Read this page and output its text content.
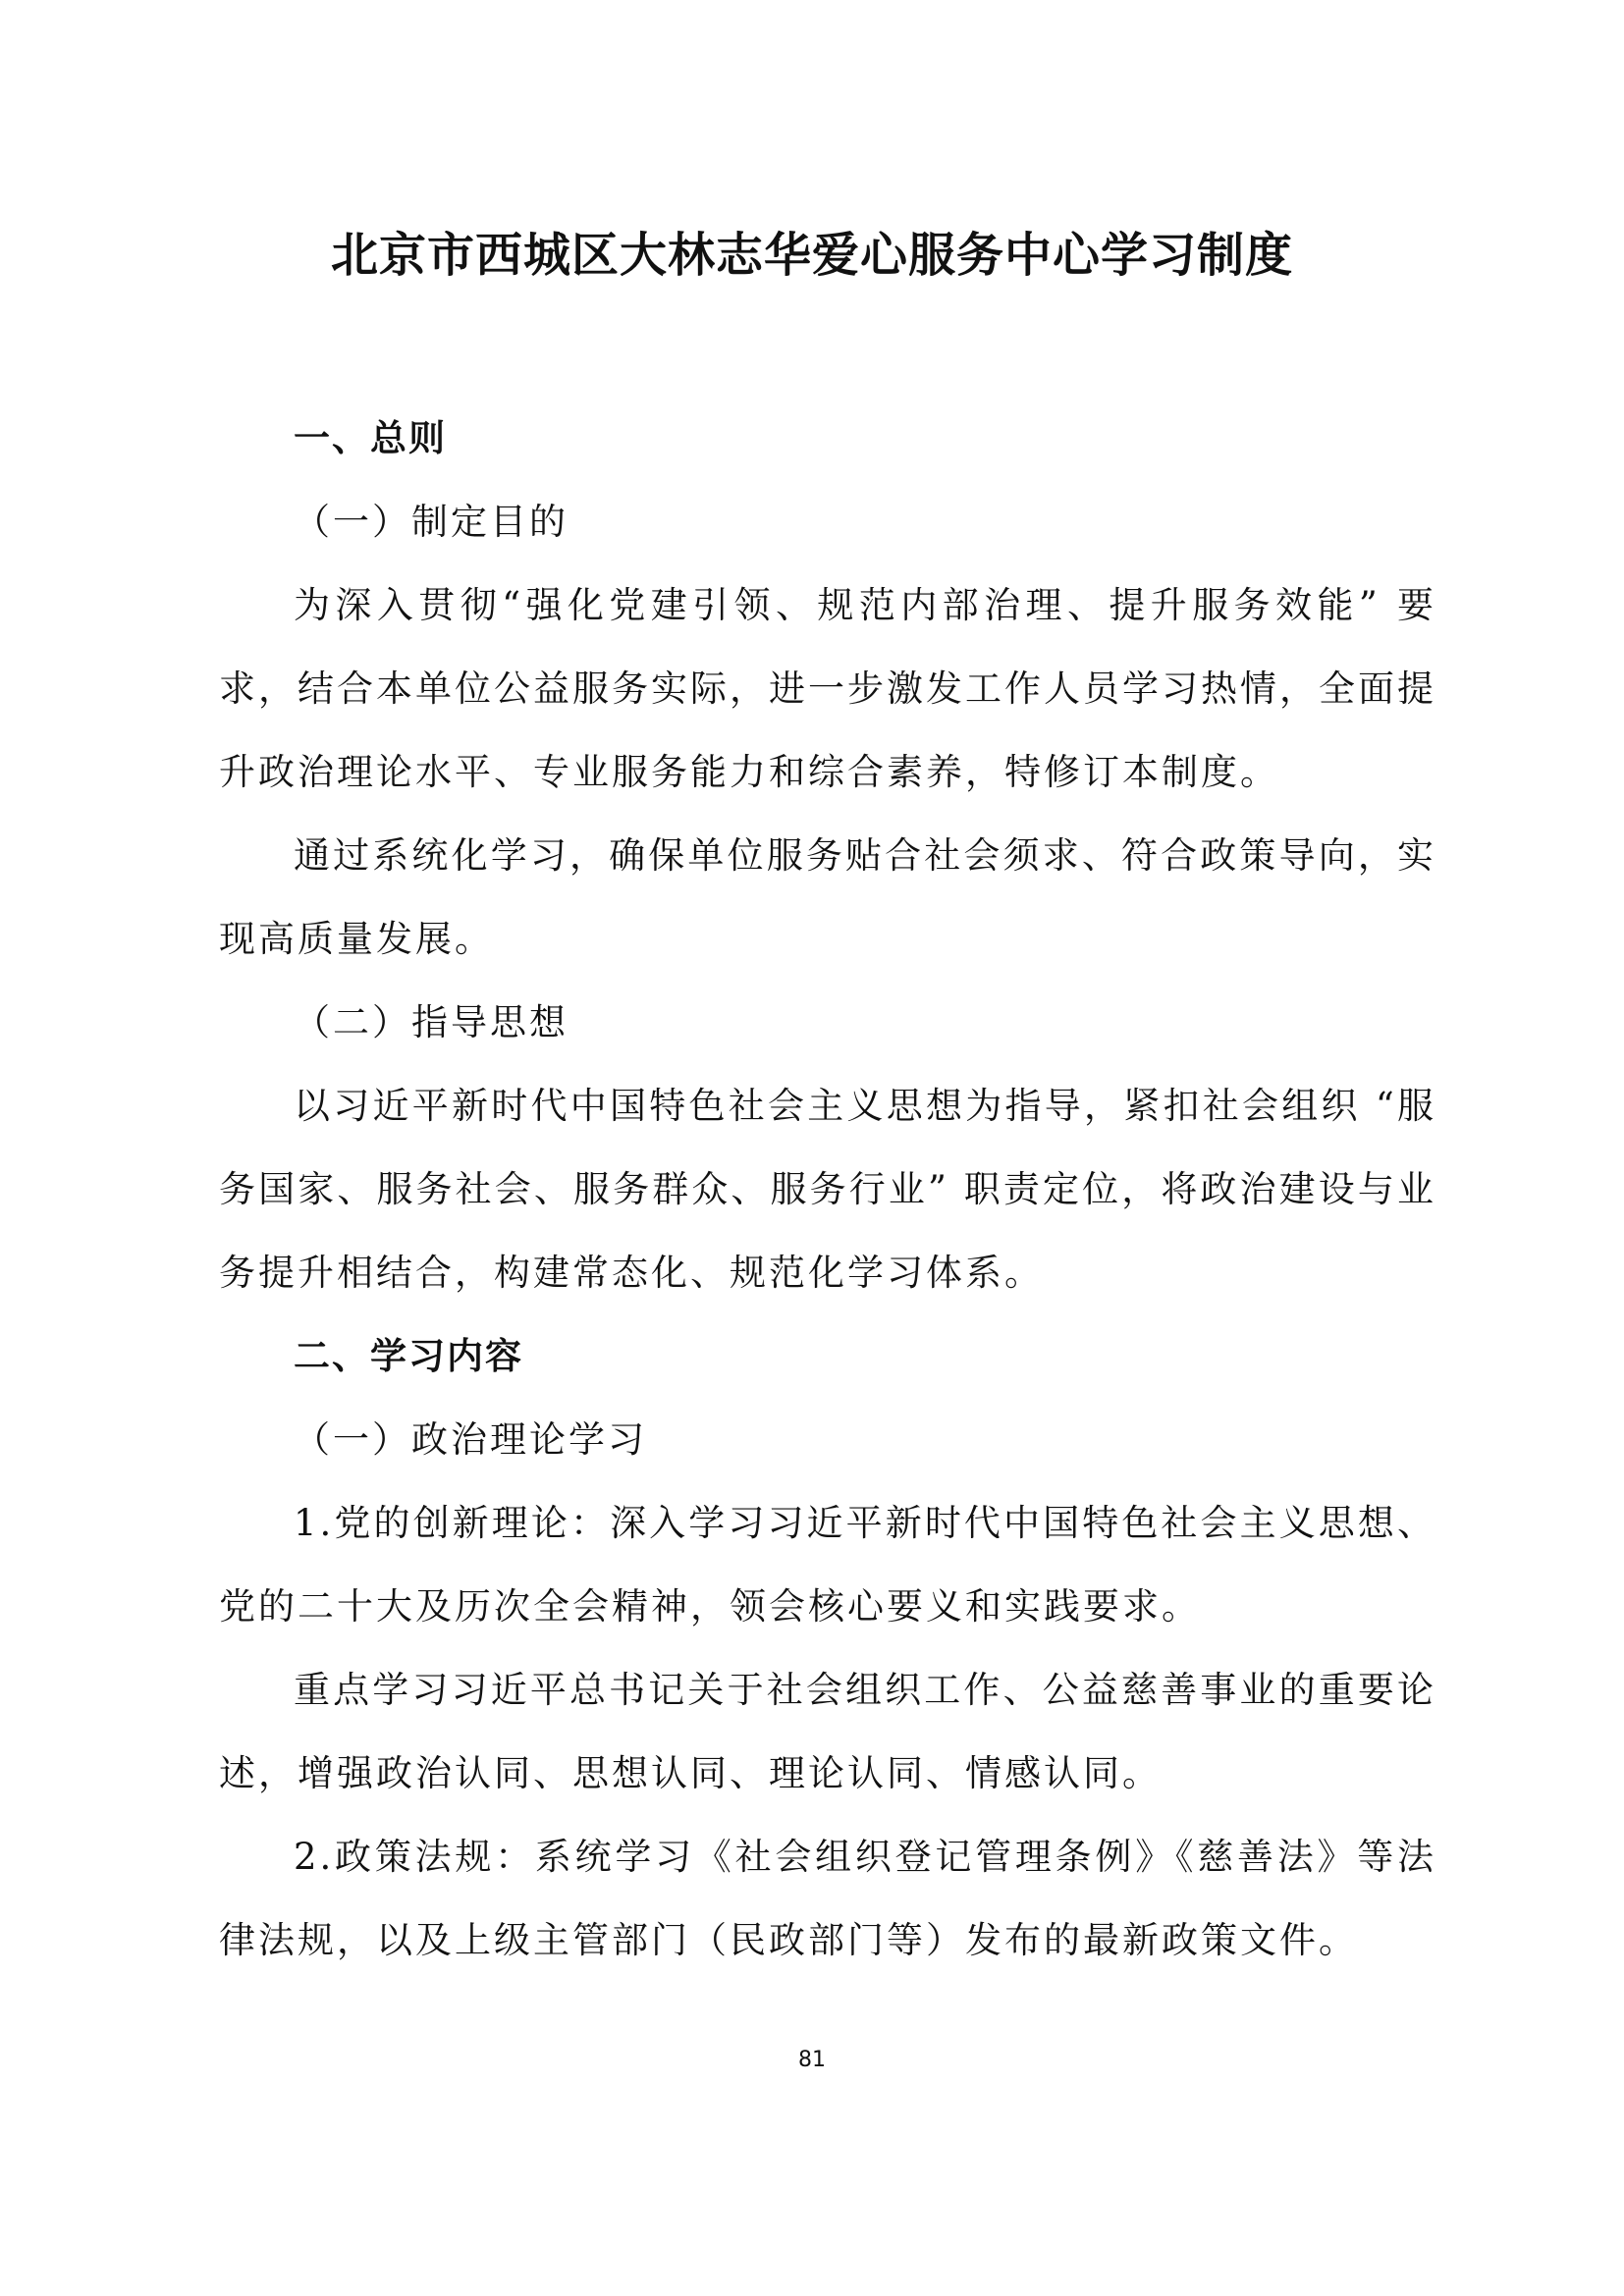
北京市西城区大林志华爱心服务中心学习制度

一、总则

（一）制定目的

为深入贯彻“强化党建引领、规范内部治理、提升服务效能” 要求，结合本单位公益服务实际，进一步激发工作人员学习热情，全面提升政治理论水平、专业服务能力和综合素养，特修订本制度。

通过系统化学习，确保单位服务贴合社会须求、符合政策导向，实现高质量发展。

（二）指导思想

以习近平新时代中国特色社会主义思想为指导，紧扣社会组织 “服务国家、服务社会、服务群众、服务行业” 职责定位，将政治建设与业务提升相结合，构建常态化、规范化学习体系。

二、学习内容

（一）政治理论学习

1.党的创新理论：深入学习习近平新时代中国特色社会主义思想、党的二十大及历次全会精神，领会核心要义和实践要求。

重点学习习近平总书记关于社会组织工作、公益慈善事业的重要论述，增强政治认同、思想认同、理论认同、情感认同。

2.政策法规：系统学习《社会组织登记管理条例》《慈善法》等法律法规，以及上级主管部门（民政部门等）发布的最新政策文件。

81
